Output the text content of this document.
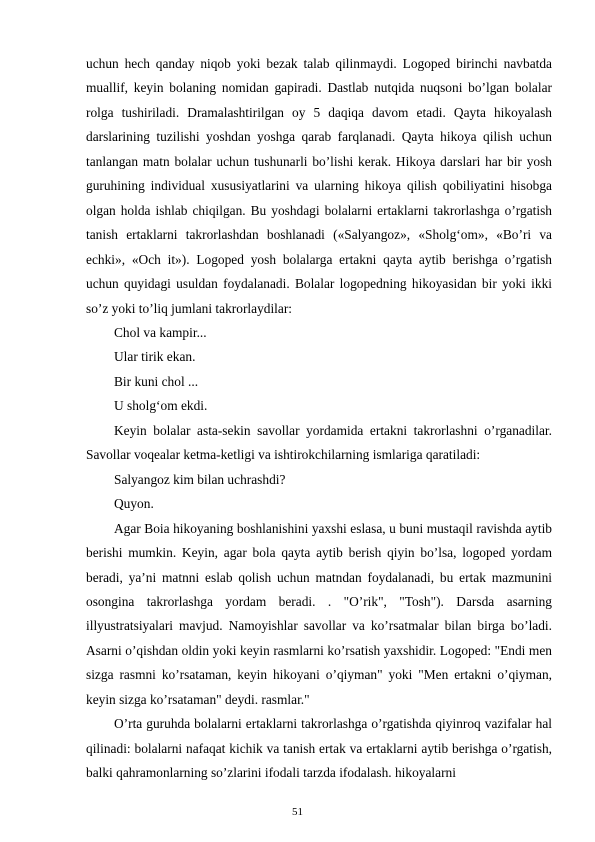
uchun hech qanday niqob yoki bezak talab qilinmaydi. Logoped birinchi navbatda muallif, keyin bolaning nomidan gapiradi. Dastlab nutqida nuqsoni bo’lgan bolalar rolga tushiriladi. Dramalashtirilgan oy 5 daqiqa davom etadi. Qayta hikoyalash darslarining tuzilishi yoshdan yoshga qarab farqlanadi. Qayta hikoya qilish uchun tanlangan matn bolalar uchun tushunarli bo’lishi kerak. Hikoya darslari har bir yosh guruhining individual xususiyatlarini va ularning hikoya qilish qobiliyatini hisobga olgan holda ishlab chiqilgan. Bu yoshdagi bolalarni ertaklarni takrorlashga o’rgatish tanish ertaklarni takrorlashdan boshlanadi («Salyangoz», «Sholg‘om», «Bo’ri va echki», «Och it»). Logoped yosh bolalarga ertakni qayta aytib berishga o’rgatish uchun quyidagi usuldan foydalanadi. Bolalar logopedning hikoyasidan bir yoki ikki so’z yoki to’liq jumlani takrorlaydilar:

Chol va kampir...

Ular tirik ekan.

Bir kuni chol ...

U sholg‘om ekdi.

Keyin bolalar asta-sekin savollar yordamida ertakni takrorlashni o’rganadilar. Savollar voqealar ketma-ketligi va ishtirokchilarning ismlariga qaratiladi:

Salyangoz kim bilan uchrashdi?

Quyon.

Agar Boia hikoyaning boshlanishini yaxshi eslasa, u buni mustaqil ravishda aytib berishi mumkin. Keyin, agar bola qayta aytib berish qiyin bo’lsa, logoped yordam beradi, ya’ni matnni eslab qolish uchun matndan foydalanadi, bu ertak mazmunini osongina takrorlashga yordam beradi. . "O’rik", "Tosh"). Darsda asarning illyustratsiyalari mavjud. Namoyishlar savollar va ko’rsatmalar bilan birga bo’ladi. Asarni o’qishdan oldin yoki keyin rasmlarni ko’rsatish yaxshidir. Logoped: "Endi men sizga rasmni ko’rsataman, keyin hikoyani o’qiyman" yoki "Men ertakni o’qiyman, keyin sizga ko’rsataman" deydi. rasmlar."

O’rta guruhda bolalarni ertaklarni takrorlashga o’rgatishda qiyinroq vazifalar hal qilinadi: bolalarni nafaqat kichik va tanish ertak va ertaklarni aytib berishga o’rgatish, balki qahramonlarning so’zlarini ifodali tarzda ifodalash. hikoyalarni

51
